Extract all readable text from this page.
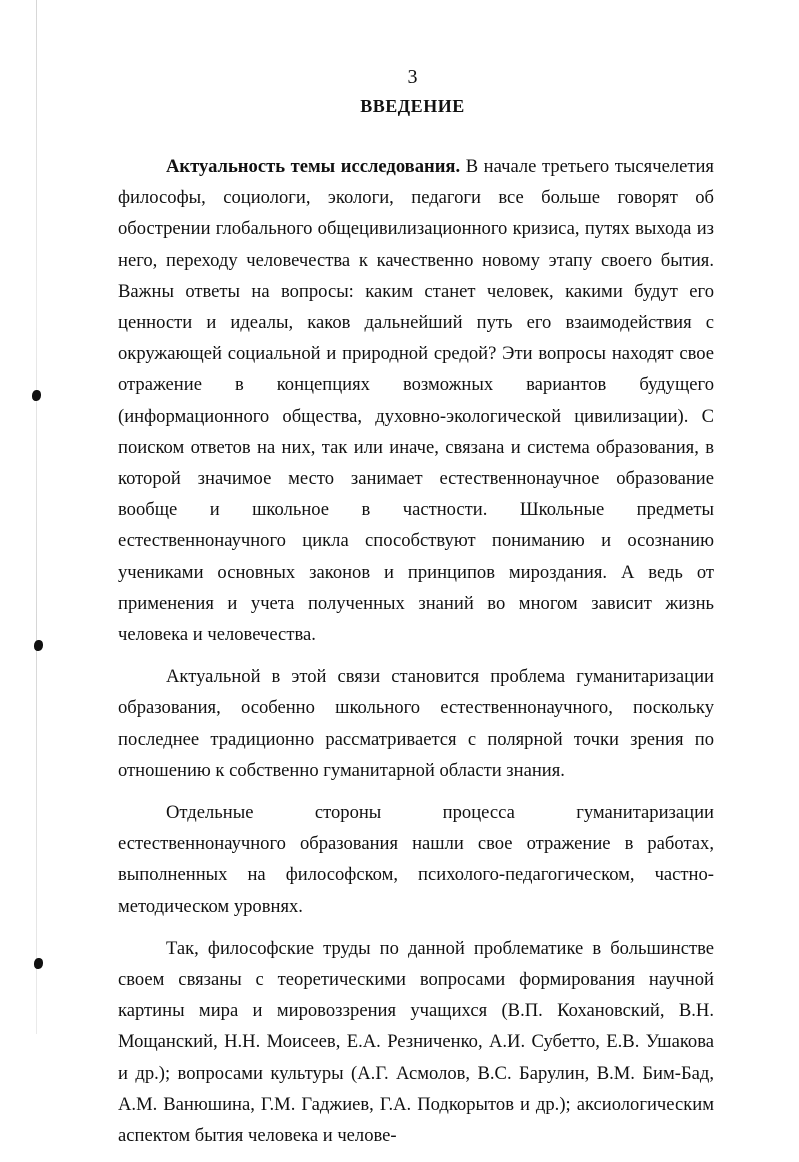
3
ВВЕДЕНИЕ

Актуальность темы исследования. В начале третьего тысячелетия философы, социологи, экологи, педагоги все больше говорят об обострении глобального общецивилизационного кризиса, путях выхода из него, переходу человечества к качественно новому этапу своего бытия. Важны ответы на вопросы: каким станет человек, какими будут его ценности и идеалы, каков дальнейший путь его взаимодействия с окружающей социальной и природной средой? Эти вопросы находят свое отражение в концепциях возможных вариантов будущего (информационного общества, духовно-экологической цивилизации). С поиском ответов на них, так или иначе, связана и система образования, в которой значимое место занимает естественнонаучное образование вообще и школьное в частности. Школьные предметы естественнонаучного цикла способствуют пониманию и осознанию учениками основных законов и принципов мироздания. А ведь от применения и учета полученных знаний во многом зависит жизнь человека и человечества.

Актуальной в этой связи становится проблема гуманитаризации образования, особенно школьного естественнонаучного, поскольку последнее традиционно рассматривается с полярной точки зрения по отношению к собственно гуманитарной области знания.

Отдельные стороны процесса гуманитаризации естественнонаучного образования нашли свое отражение в работах, выполненных на философском, психолого-педагогическом, частно-методическом уровнях.

Так, философские труды по данной проблематике в большинстве своем связаны с теоретическими вопросами формирования научной картины мира и мировоззрения учащихся (В.П. Кохановский, В.Н. Мощанский, Н.Н. Моисеев, Е.А. Резниченко, А.И. Субетто, Е.В. Ушакова и др.); вопросами культуры (А.Г. Асмолов, В.С. Барулин, В.М. Бим-Бад, А.М. Ванюшина, Г.М. Гаджиев, Г.А. Подкорытов и др.); аксиологическим аспектом бытия человека и челове-
